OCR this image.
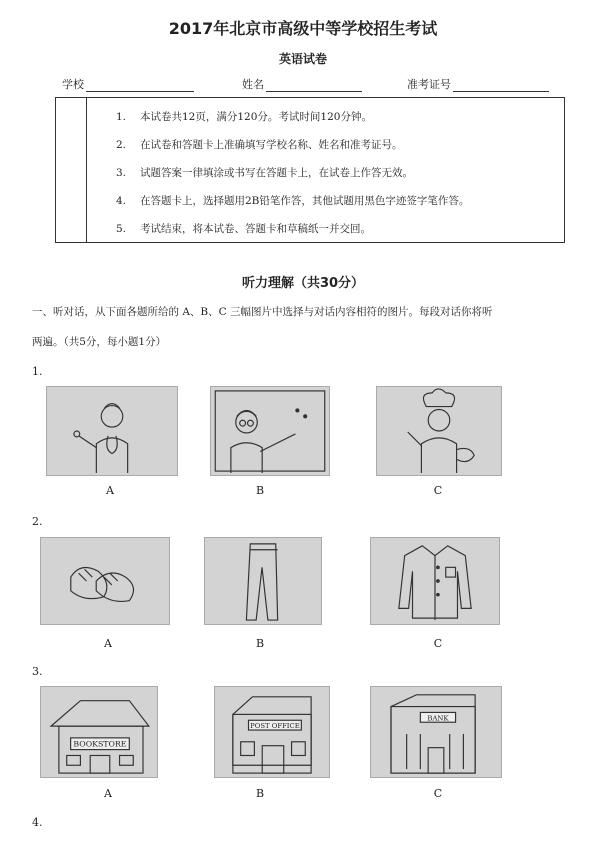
2017年北京市高级中等学校招生考试
英语试卷
学校	姓名	准考证号
1. 本试卷共12页，满分120分。考试时间120分钟。
2. 在试卷和答题卡上准确填写学校名称、姓名和准考证号。
3. 试题答案一律填涂或书写在答题卡上，在试卷上作答无效。
4. 在答题卡上，选择题用2B铅笔作答，其他试题用黑色字迹签字笔作答。
5. 考试结束，将本试卷、答题卡和草稿纸一并交回。
听力理解（共30分）
一、听对话，从下面各题所给的 A、B、C 三幅图片中选择与对话内容相符的图片。每段对话你将听
两遍。（共5分，每小题1分）
1.
A	B	C
2.
A	B	C
3.
BOOKSTORE
POST OFFICE
BANK
A	B	C
4.
